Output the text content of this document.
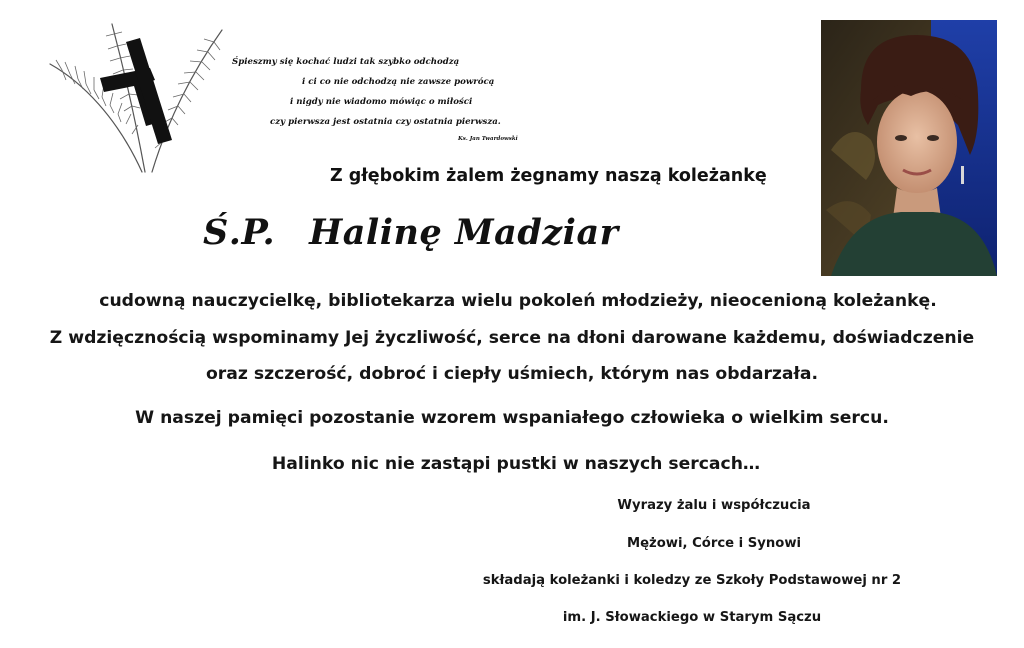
Śpieszmy się kochać ludzi tak szybko odchodzą
i ci co nie odchodzą nie zawsze powrócą
i nigdy nie wiadomo mówiąc o miłości
czy pierwsza jest ostatnia czy ostatnia pierwsza.
Ks. Jan Twardowski
Z głębokim żalem żegnamy naszą koleżankę
Ś.P. Halinę Madziar
cudowną nauczycielkę, bibliotekarza wielu pokoleń młodzieży, nieocenioną koleżankę.
Z wdzięcznością wspominamy Jej życzliwość, serce na dłoni darowane każdemu, doświadczenie
oraz szczerość, dobroć i ciepły uśmiech, którym nas obdarzała.
W naszej pamięci pozostanie wzorem wspaniałego człowieka o wielkim sercu.
Halinko nic nie zastąpi pustki w naszych sercach…
Wyrazy żalu i współczucia
Mężowi, Córce i Synowi
składają koleżanki i koledzy ze Szkoły Podstawowej nr 2
im. J. Słowackiego w Starym Sączu
